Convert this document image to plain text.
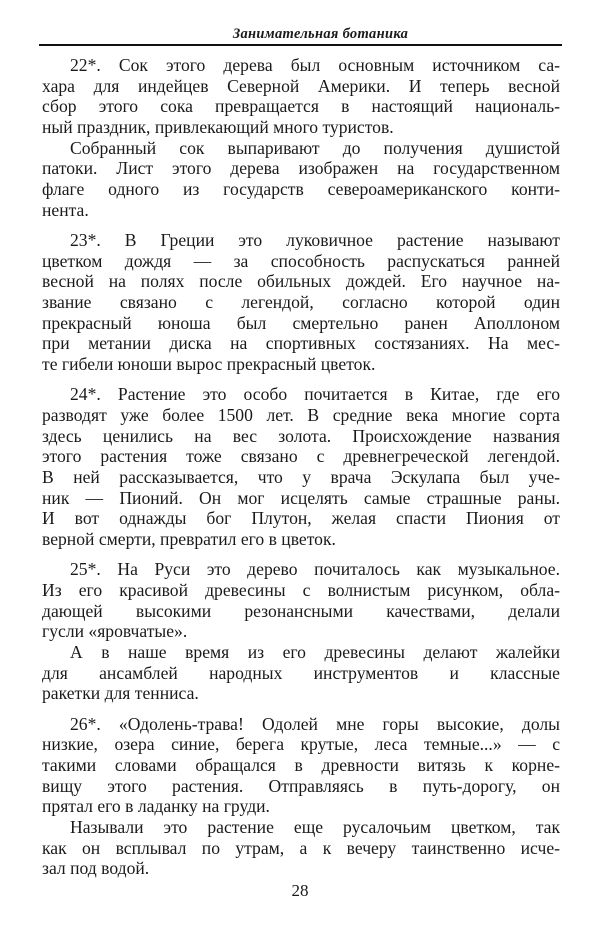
Занимательная ботаника
22*. Сок этого дерева был основным источником са-
хара для индейцев Северной Америки. И теперь весной
сбор этого сока превращается в настоящий националь-
ный праздник, привлекающий много туристов.
Собранный сок выпаривают до получения душистой
патоки. Лист этого дерева изображен на государственном
флаге одного из государств североамериканского конти-
нента.
23*. В Греции это луковичное растение называют
цветком дождя — за способность распускаться ранней
весной на полях после обильных дождей. Его научное на-
звание связано с легендой, согласно которой один
прекрасный юноша был смертельно ранен Аполлоном
при метании диска на спортивных состязаниях. На мес-
те гибели юноши вырос прекрасный цветок.
24*. Растение это особо почитается в Китае, где его
разводят уже более 1500 лет. В средние века многие сорта
здесь ценились на вес золота. Происхождение названия
этого растения тоже связано с древнегреческой легендой.
В ней рассказывается, что у врача Эскулапа был уче-
ник — Пионий. Он мог исцелять самые страшные раны.
И вот однажды бог Плутон, желая спасти Пиония от
верной смерти, превратил его в цветок.
25*. На Руси это дерево почиталось как музыкальное.
Из его красивой древесины с волнистым рисунком, обла-
дающей высокими резонансными качествами, делали
гусли «яровчатые».
А в наше время из его древесины делают жалейки
для ансамблей народных инструментов и классные
ракетки для тенниса.
26*. «Одолень-трава! Одолей мне горы высокие, долы
низкие, озера синие, берега крутые, леса темные...» — с
такими словами обращался в древности витязь к корне-
вищу этого растения. Отправляясь в путь-дорогу, он
прятал его в ладанку на груди.
Называли это растение еще русалочьим цветком, так
как он всплывал по утрам, а к вечеру таинственно исче-
зал под водой.
28
